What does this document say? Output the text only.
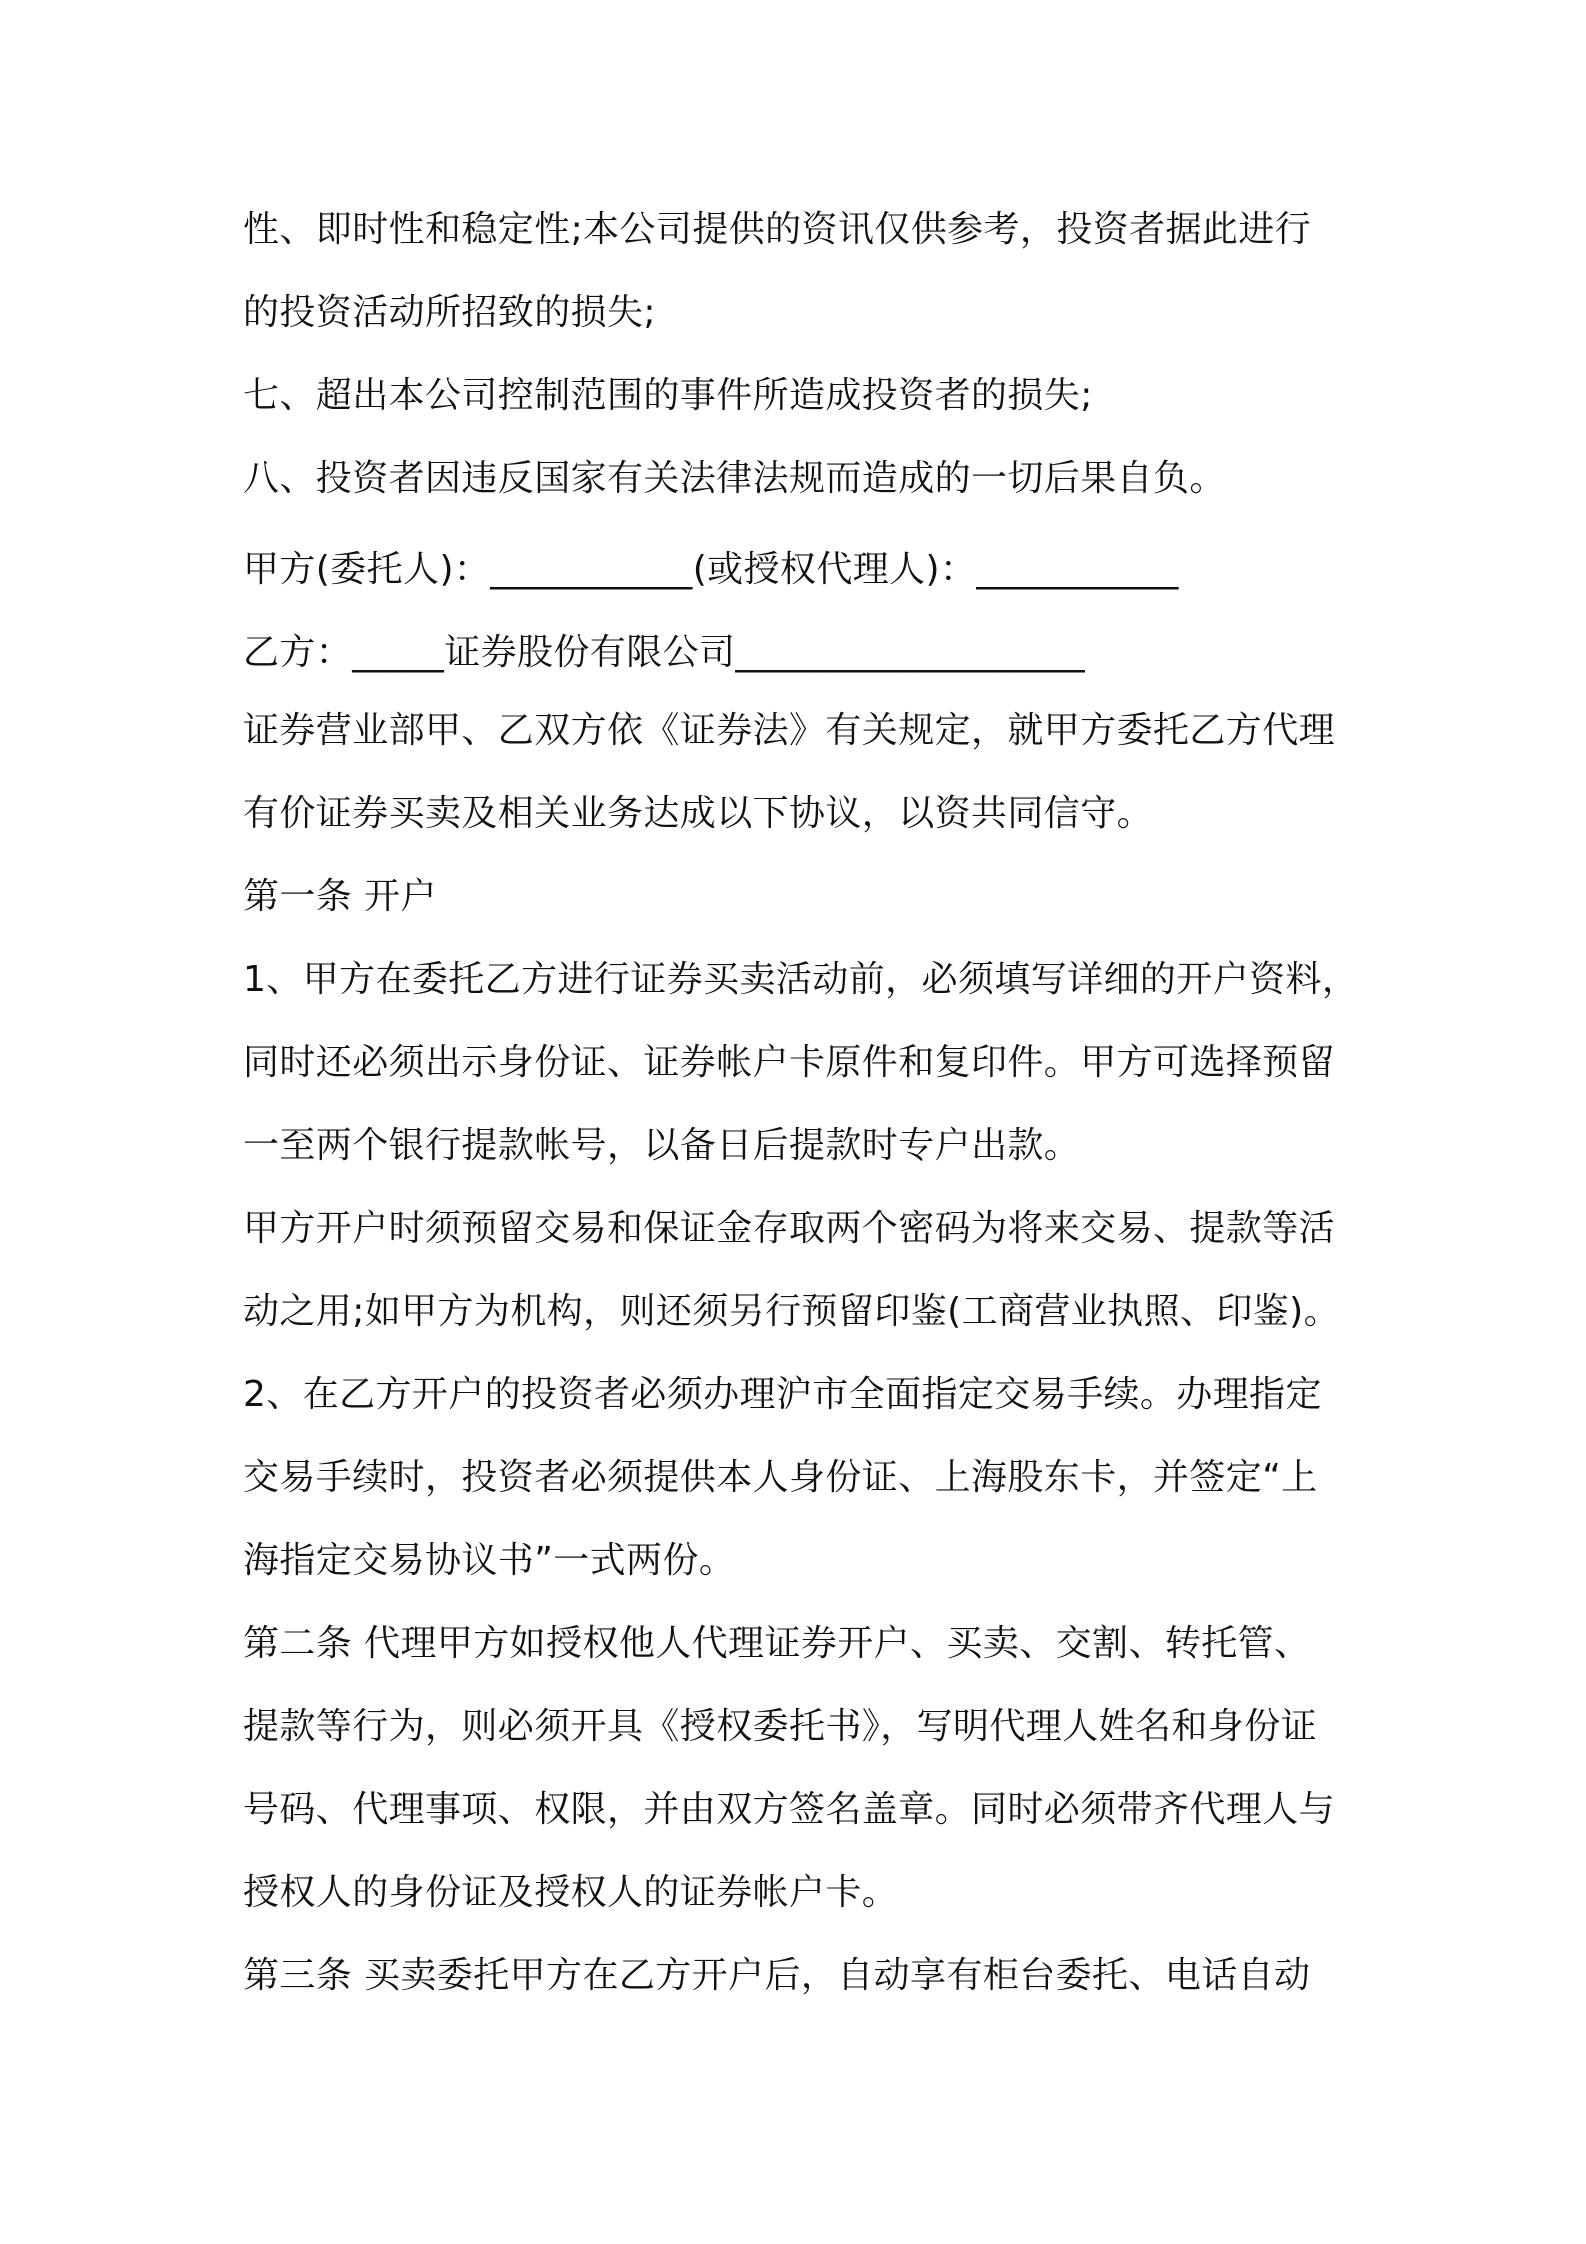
性、即时性和稳定性;本公司提供的资讯仅供参考，投资者据此进行
的投资活动所招致的损失;
七、超出本公司控制范围的事件所造成投资者的损失;
八、投资者因违反国家有关法律法规而造成的一切后果自负。
甲方(委托人)：___________(或授权代理人)：___________
乙方：_____证券股份有限公司___________________
证券营业部甲、乙双方依《证券法》有关规定，就甲方委托乙方代理
有价证券买卖及相关业务达成以下协议，以资共同信守。
第一条 开户
1、甲方在委托乙方进行证券买卖活动前，必须填写详细的开户资料，
同时还必须出示身份证、证券帐户卡原件和复印件。甲方可选择预留
一至两个银行提款帐号，以备日后提款时专户出款。
甲方开户时须预留交易和保证金存取两个密码为将来交易、提款等活
动之用;如甲方为机构，则还须另行预留印鉴(工商营业执照、印鉴)。
2、在乙方开户的投资者必须办理沪市全面指定交易手续。办理指定
交易手续时，投资者必须提供本人身份证、上海股东卡，并签定“上
海指定交易协议书”一式两份。
第二条 代理甲方如授权他人代理证券开户、买卖、交割、转托管、
提款等行为，则必须开具《授权委托书》，写明代理人姓名和身份证
号码、代理事项、权限，并由双方签名盖章。同时必须带齐代理人与
授权人的身份证及授权人的证券帐户卡。
第三条 买卖委托甲方在乙方开户后，自动享有柜台委托、电话自动
